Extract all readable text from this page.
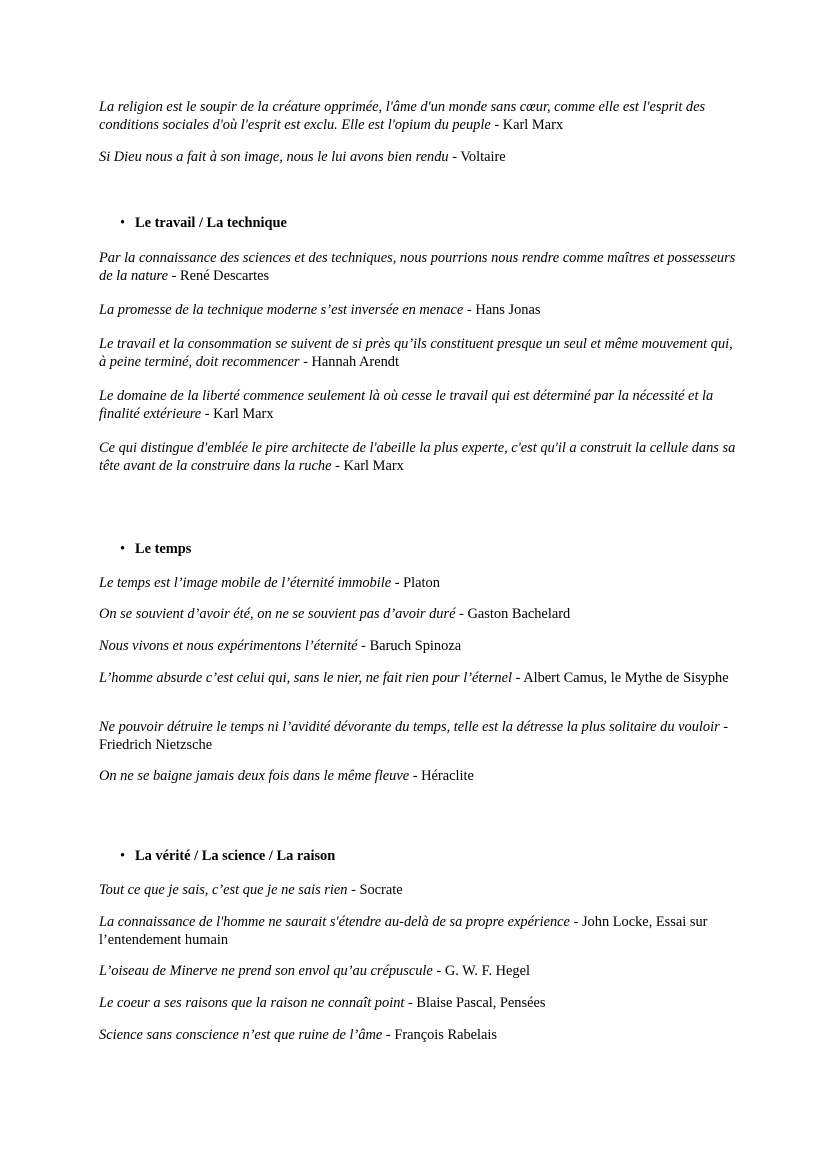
La religion est le soupir de la créature opprimée, l'âme d'un monde sans cœur, comme elle est l'esprit des conditions sociales d'où l'esprit est exclu. Elle est l'opium du peuple - Karl Marx

Si Dieu nous a fait à son image, nous le lui avons bien rendu - Voltaire

• Le travail / La technique

Par la connaissance des sciences et des techniques, nous pourrions nous rendre comme maîtres et possesseurs de la nature - René Descartes

La promesse de la technique moderne s’est inversée en menace - Hans Jonas

Le travail et la consommation se suivent de si près qu’ils constituent presque un seul et même mouvement qui, à peine terminé, doit recommencer - Hannah Arendt

Le domaine de la liberté commence seulement là où cesse le travail qui est déterminé par la nécessité et la finalité extérieure - Karl Marx

Ce qui distingue d'emblée le pire architecte de l'abeille la plus experte, c'est qu'il a construit la cellule dans sa tête avant de la construire dans la ruche - Karl Marx

• Le temps

Le temps est l’image mobile de l’éternité immobile - Platon

On se souvient d’avoir été, on ne se souvient pas d’avoir duré - Gaston Bachelard

Nous vivons et nous expérimentons l’éternité - Baruch Spinoza

L’homme absurde c’est celui qui, sans le nier, ne fait rien pour l’éternel - Albert Camus, le Mythe de Sisyphe

Ne pouvoir détruire le temps ni l’avidité dévorante du temps, telle est la détresse la plus solitaire du vouloir - Friedrich Nietzsche

On ne se baigne jamais deux fois dans le même fleuve - Héraclite

• La vérité / La science / La raison

Tout ce que je sais, c’est que je ne sais rien - Socrate

La connaissance de l'homme ne saurait s'étendre au-delà de sa propre expérience - John Locke, Essai sur l’entendement humain

L’oiseau de Minerve ne prend son envol qu’au crépuscule - G. W. F. Hegel

Le coeur a ses raisons que la raison ne connaît point - Blaise Pascal, Pensées

Science sans conscience n’est que ruine de l’âme - François Rabelais
